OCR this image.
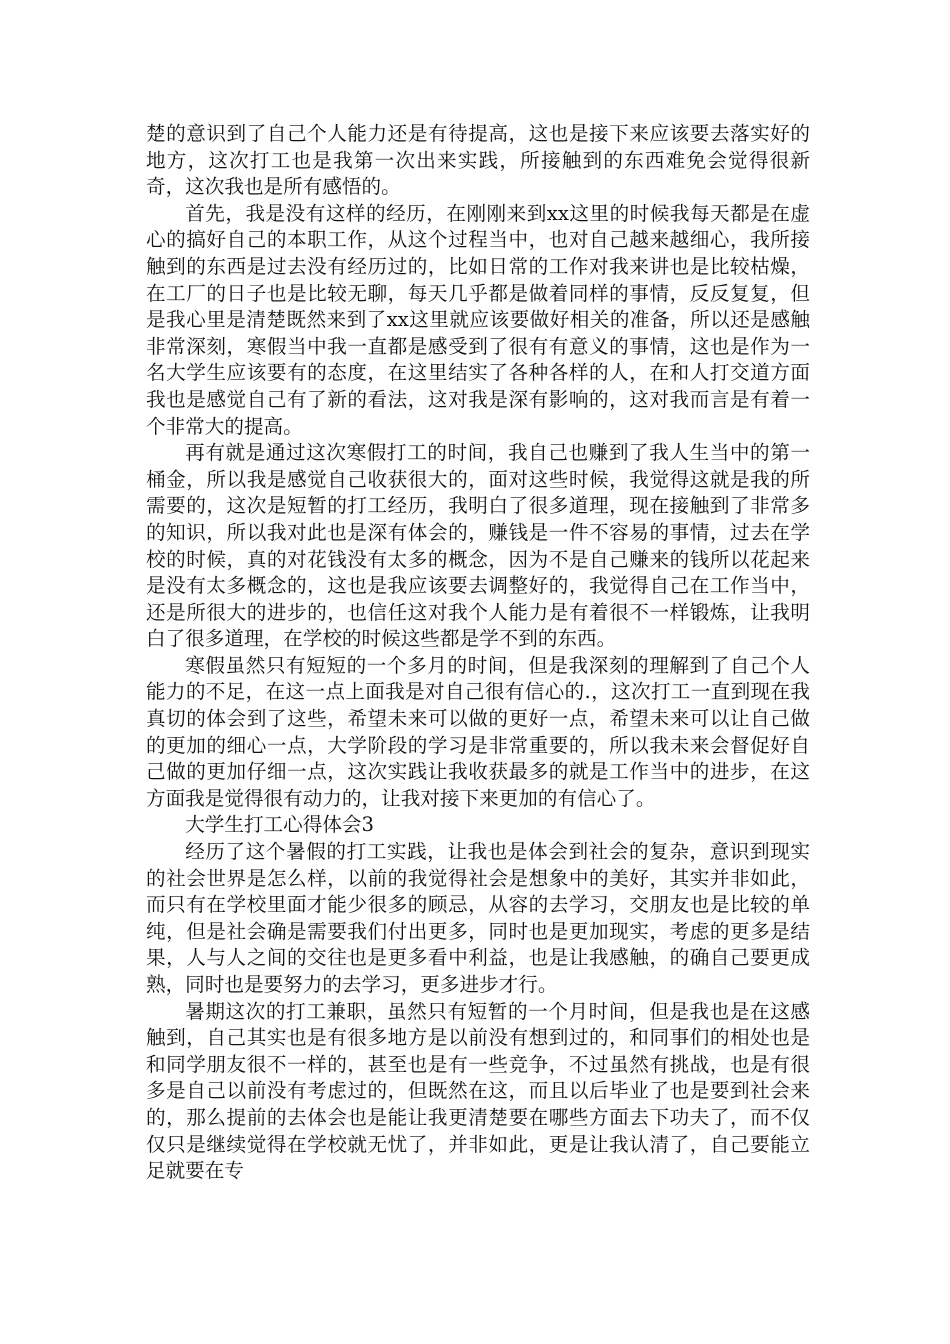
楚的意识到了自己个人能力还是有待提高，这也是接下来应该要去落实好的地方，这次打工也是我第一次出来实践，所接触到的东西难免会觉得很新奇，这次我也是所有感悟的。

首先，我是没有这样的经历，在刚刚来到xx这里的时候我每天都是在虚心的搞好自己的本职工作，从这个过程当中，也对自己越来越细心，我所接触到的东西是过去没有经历过的，比如日常的工作对我来讲也是比较枯燥，在工厂的日子也是比较无聊，每天几乎都是做着同样的事情，反反复复，但是我心里是清楚既然来到了xx这里就应该要做好相关的准备，所以还是感触非常深刻，寒假当中我一直都是感受到了很有有意义的事情，这也是作为一名大学生应该要有的态度，在这里结实了各种各样的人，在和人打交道方面我也是感觉自己有了新的看法，这对我是深有影响的，这对我而言是有着一个非常大的提高。

再有就是通过这次寒假打工的时间，我自己也赚到了我人生当中的第一桶金，所以我是感觉自己收获很大的，面对这些时候，我觉得这就是我的所需要的，这次是短暂的打工经历，我明白了很多道理，现在接触到了非常多的知识，所以我对此也是深有体会的，赚钱是一件不容易的事情，过去在学校的时候，真的对花钱没有太多的概念，因为不是自己赚来的钱所以花起来是没有太多概念的，这也是我应该要去调整好的，我觉得自己在工作当中，还是所很大的进步的，也信任这对我个人能力是有着很不一样锻炼，让我明白了很多道理，在学校的时候这些都是学不到的东西。

寒假虽然只有短短的一个多月的时间，但是我深刻的理解到了自己个人能力的不足，在这一点上面我是对自己很有信心的.，这次打工一直到现在我真切的体会到了这些，希望未来可以做的更好一点，希望未来可以让自己做的更加的细心一点，大学阶段的学习是非常重要的，所以我未来会督促好自己做的更加仔细一点，这次实践让我收获最多的就是工作当中的进步，在这方面我是觉得很有动力的，让我对接下来更加的有信心了。

大学生打工心得体会3

经历了这个暑假的打工实践，让我也是体会到社会的复杂，意识到现实的社会世界是怎么样，以前的我觉得社会是想象中的美好，其实并非如此，而只有在学校里面才能少很多的顾忌，从容的去学习，交朋友也是比较的单纯，但是社会确是需要我们付出更多，同时也是更加现实，考虑的更多是结果，人与人之间的交往也是更多看中利益，也是让我感触，的确自己要更成熟，同时也是要努力的去学习，更多进步才行。

暑期这次的打工兼职，虽然只有短暂的一个月时间，但是我也是在这感触到，自己其实也是有很多地方是以前没有想到过的，和同事们的相处也是和同学朋友很不一样的，甚至也是有一些竞争，不过虽然有挑战，也是有很多是自己以前没有考虑过的，但既然在这，而且以后毕业了也是要到社会来的，那么提前的去体会也是能让我更清楚要在哪些方面去下功夫了，而不仅仅只是继续觉得在学校就无忧了，并非如此，更是让我认清了，自己要能立足就要在专
